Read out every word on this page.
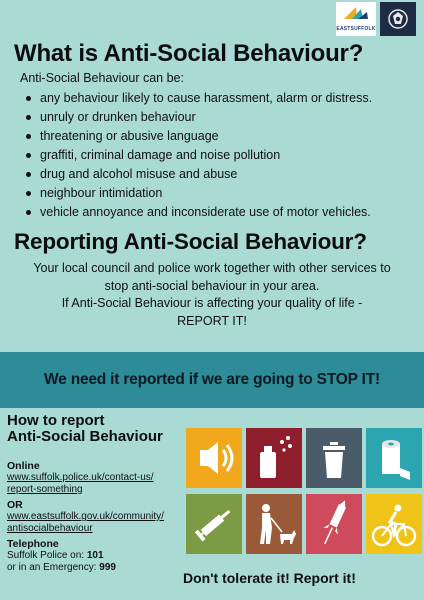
EASTSUFFOLK
What is Anti-Social Behaviour?
Anti-Social Behaviour can be:
any behaviour likely to cause harassment, alarm or distress.
unruly or drunken behaviour
threatening or abusive language
graffiti, criminal damage and noise pollution
drug and alcohol misuse and abuse
neighbour intimidation
vehicle annoyance and inconsiderate use of motor vehicles.
Reporting Anti-Social Behaviour?
Your local council and police work together with other services to
stop anti-social behaviour in your area.
If Anti-Social Behaviour is affecting your quality of life -
REPORT IT!
We need it reported if we are going to STOP IT!
How to report
Anti-Social Behaviour
Online
www.suffolk.police.uk/contact-us/
report-something
OR
www.eastsuffolk.gov.uk/community/
antisocialbehaviour
Telephone
Suffolk Police on: 101
or in an Emergency: 999
Don't tolerate it! Report it!
